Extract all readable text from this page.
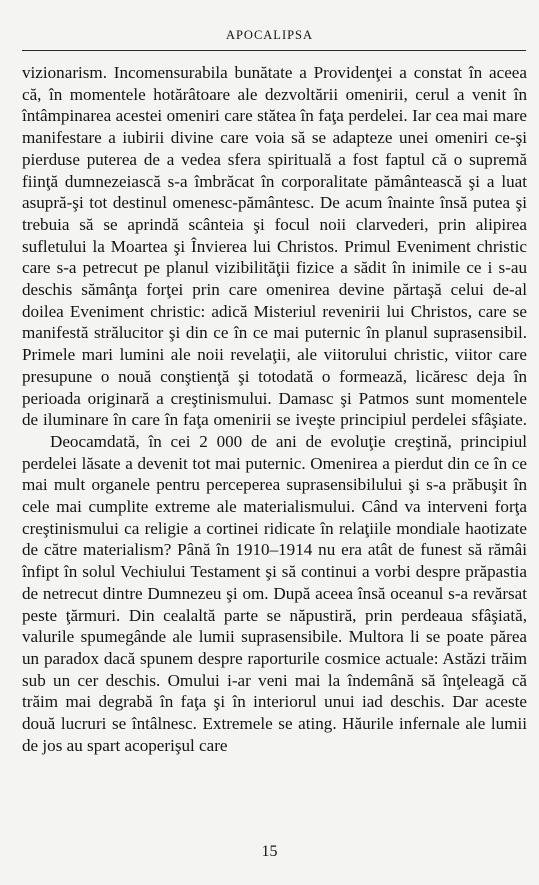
APOCALIPSA

vizionarism. Incomensurabila bunătate a Providenţei a constat în aceea că, în momentele hotărâtoare ale dezvoltării omenirii, cerul a venit în întâmpinarea acestei omeniri care stătea în faţa perdelei. Iar cea mai mare manifestare a iubirii divine care voia să se adapteze unei omeniri ce-şi pierduse puterea de a vedea sfera spirituală a fost faptul că o supremă fiinţă dumnezeiască s-a îmbrăcat în corporalitate pământească şi a luat asupră-şi tot destinul omenesc-pământesc. De acum înainte însă putea şi trebuia să se aprindă scânteia şi focul noii clarvederi, prin alipirea sufletului la Moartea şi Învierea lui Christos. Primul Eveniment christic care s-a petrecut pe planul vizibilităţii fizice a sădit în inimile ce i s-au deschis sămânţa forţei prin care omenirea devine părtaşă celui de-al doilea Eveniment christic: adică Misteriul revenirii lui Christos, care se manifestă strălucitor şi din ce în ce mai puternic în planul suprasensibil. Primele mari lumini ale noii revelaţii, ale viitorului christic, viitor care presupune o nouă conştienţă şi totodată o formează, licăresc deja în perioada originară a creştinismului. Damasc şi Patmos sunt momentele de iluminare în care în faţa omenirii se iveşte principiul perdelei sfâşiate.

Deocamdată, în cei 2 000 de ani de evoluţie creştină, principiul perdelei lăsate a devenit tot mai puternic. Omenirea a pierdut din ce în ce mai mult organele pentru perceperea suprasensibilului şi s-a prăbuşit în cele mai cumplite extreme ale materialismului. Când va interveni forţa creştinismului ca religie a cortinei ridicate în relaţiile mondiale haotizate de către materialism? Până în 1910–1914 nu era atât de funest să rămâi înfipt în solul Vechiului Testament şi să continui a vorbi despre prăpastia de netrecut dintre Dumnezeu şi om. După aceea însă oceanul s-a revărsat peste ţărmuri. Din cealaltă parte se năpustiră, prin perdeaua sfâşiată, valurile spumegânde ale lumii suprasensibile. Multora li se poate părea un paradox dacă spunem despre raporturile cosmice actuale: Astăzi trăim sub un cer deschis. Omului i-ar veni mai la îndemână să înţeleagă că trăim mai degrabă în faţa şi în interiorul unui iad deschis. Dar aceste două lucruri se întâlnesc. Extremele se ating. Hăurile infernale ale lumii de jos au spart acoperişul care

15
